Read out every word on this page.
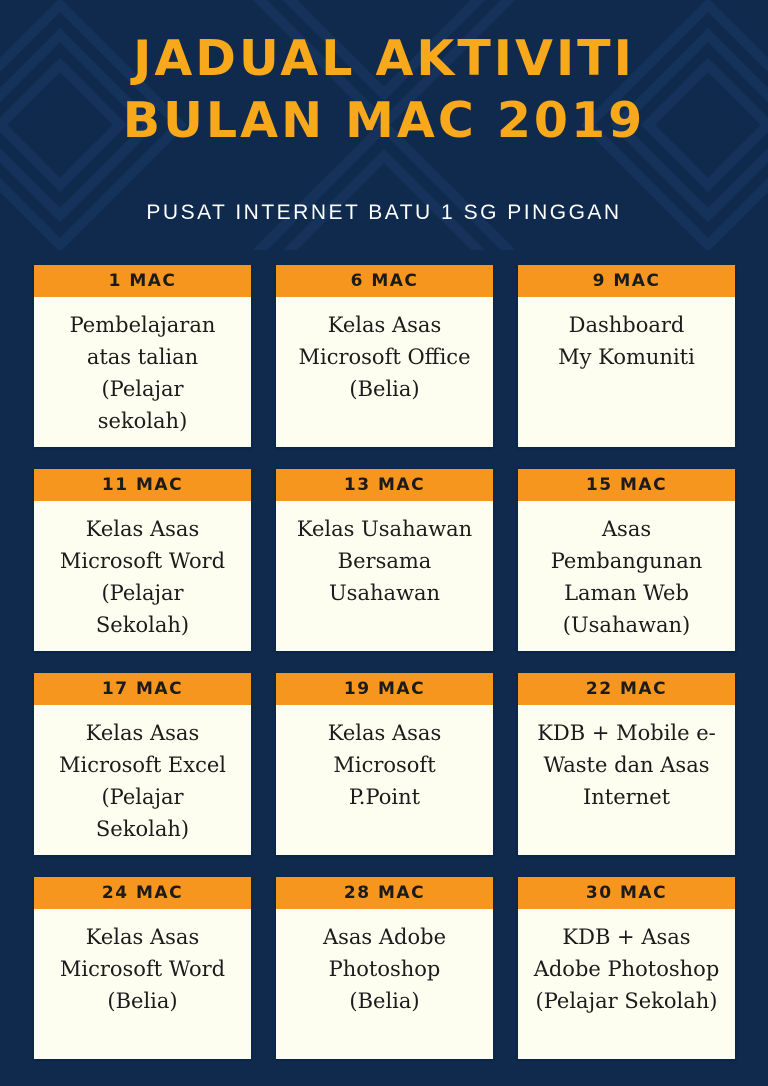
JADUAL AKTIVITI
BULAN MAC 2019
PUSAT INTERNET BATU 1 SG PINGGAN
1 MAC
Pembelajaran
atas talian
(Pelajar
sekolah)
6 MAC
Kelas Asas
Microsoft Office
(Belia)
9 MAC
Dashboard
My Komuniti
11 MAC
Kelas Asas
Microsoft Word
(Pelajar
Sekolah)
13 MAC
Kelas Usahawan
Bersama
Usahawan
15 MAC
Asas
Pembangunan
Laman Web
(Usahawan)
17 MAC
Kelas Asas
Microsoft Excel
(Pelajar
Sekolah)
19 MAC
Kelas Asas
Microsoft
P.Point
22 MAC
KDB + Mobile e-
Waste dan Asas
Internet
24 MAC
Kelas Asas
Microsoft Word
(Belia)
28 MAC
Asas Adobe
Photoshop
(Belia)
30 MAC
KDB + Asas
Adobe Photoshop
(Pelajar Sekolah)
